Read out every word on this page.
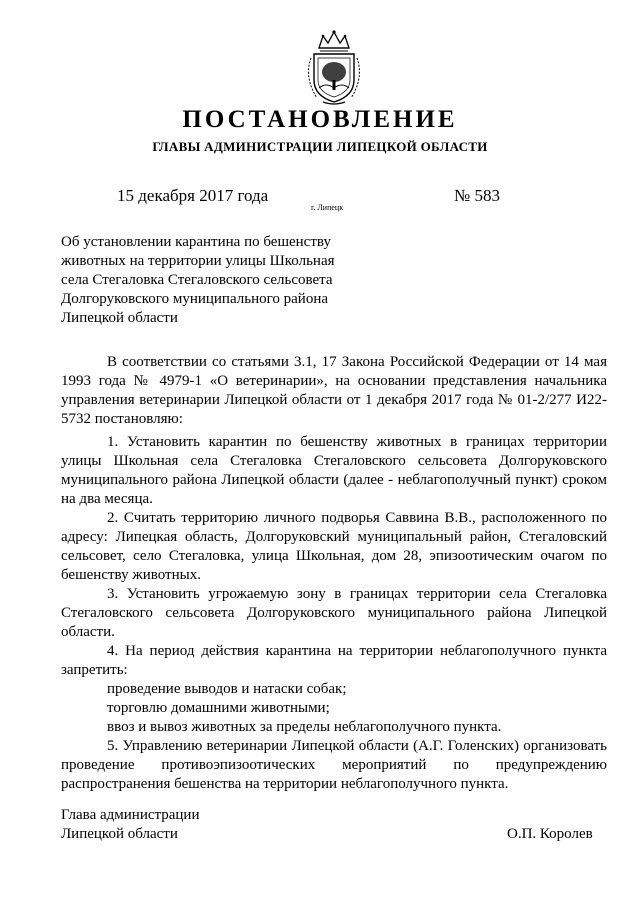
ПОСТАНОВЛЕНИЕ
ГЛАВЫ АДМИНИСТРАЦИИ ЛИПЕЦКОЙ ОБЛАСТИ
15 декабря 2017 года
г. Липецк
№ 583
Об установлении карантина по бешенству животных на территории улицы Школьная села Стегаловка Стегаловского сельсовета Долгоруковского муниципального района Липецкой области

В соответствии со статьями 3.1, 17 Закона Российской Федерации от 14 мая 1993 года № 4979-1 «О ветеринарии», на основании представления начальника управления ветеринарии Липецкой области от 1 декабря 2017 года № 01-2/277 И22-5732 постановляю:

1. Установить карантин по бешенству животных в границах территории улицы Школьная села Стегаловка Стегаловского сельсовета Долгоруковского муниципального района Липецкой области (далее - неблагополучный пункт) сроком на два месяца.

2. Считать территорию личного подворья Саввина В.В., расположенного по адресу: Липецкая область, Долгоруковский муниципальный район, Стегаловский сельсовет, село Стегаловка, улица Школьная, дом 28, эпизоотическим очагом по бешенству животных.

3. Установить угрожаемую зону в границах территории села Стегаловка Стегаловского сельсовета Долгоруковского муниципального района Липецкой области.

4. На период действия карантина на территории неблагополучного пункта запретить:

проведение выводов и натаски собак;

торговлю домашними животными;

ввоз и вывоз животных за пределы неблагополучного пункта.

5. Управлению ветеринарии Липецкой области (А.Г. Голенских) организовать проведение противоэпизоотических мероприятий по предупреждению распространения бешенства на территории неблагополучного пункта.

Глава администрации
Липецкой области	О.П. Королев
